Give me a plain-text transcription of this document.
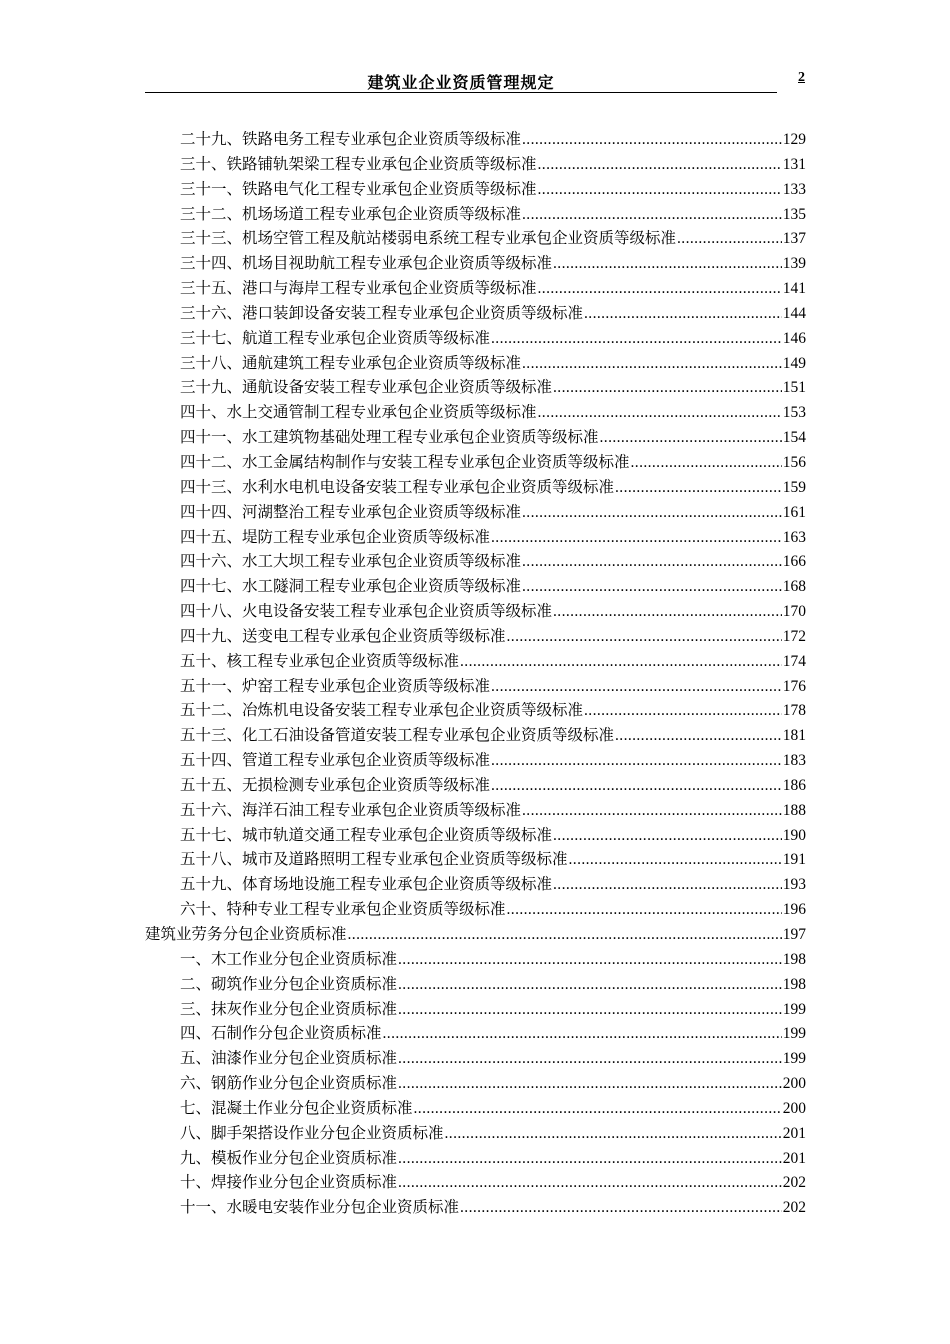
建筑业企业资质管理规定	2
二十九、铁路电务工程专业承包企业资质等级标准 .....	129
三十、铁路铺轨架梁工程专业承包企业资质等级标准 .....	131
三十一、铁路电气化工程专业承包企业资质等级标准 .....	133
三十二、机场场道工程专业承包企业资质等级标准 .....	135
三十三、机场空管工程及航站楼弱电系统工程专业承包企业资质等级标准 .....	137
三十四、机场目视助航工程专业承包企业资质等级标准 .....	139
三十五、港口与海岸工程专业承包企业资质等级标准 .....	141
三十六、港口装卸设备安装工程专业承包企业资质等级标准 .....	144
三十七、航道工程专业承包企业资质等级标准 .....	146
三十八、通航建筑工程专业承包企业资质等级标准 .....	149
三十九、通航设备安装工程专业承包企业资质等级标准 .....	151
四十、水上交通管制工程专业承包企业资质等级标准 .....	153
四十一、水工建筑物基础处理工程专业承包企业资质等级标准 .....	154
四十二、水工金属结构制作与安装工程专业承包企业资质等级标准 .....	156
四十三、水利水电机电设备安装工程专业承包企业资质等级标准 .....	159
四十四、河湖整治工程专业承包企业资质等级标准 .....	161
四十五、堤防工程专业承包企业资质等级标准 .....	163
四十六、水工大坝工程专业承包企业资质等级标准 .....	166
四十七、水工隧洞工程专业承包企业资质等级标准 .....	168
四十八、火电设备安装工程专业承包企业资质等级标准 .....	170
四十九、送变电工程专业承包企业资质等级标准 .....	172
五十、核工程专业承包企业资质等级标准 .....	174
五十一、炉窑工程专业承包企业资质等级标准 .....	176
五十二、冶炼机电设备安装工程专业承包企业资质等级标准 .....	178
五十三、化工石油设备管道安装工程专业承包企业资质等级标准 .....	181
五十四、管道工程专业承包企业资质等级标准 .....	183
五十五、无损检测专业承包企业资质等级标准 .....	186
五十六、海洋石油工程专业承包企业资质等级标准 .....	188
五十七、城市轨道交通工程专业承包企业资质等级标准 .....	190
五十八、城市及道路照明工程专业承包企业资质等级标准 .....	191
五十九、体育场地设施工程专业承包企业资质等级标准 .....	193
六十、特种专业工程专业承包企业资质等级标准 .....	196
建筑业劳务分包企业资质标准 .....	197
一、木工作业分包企业资质标准 .....	198
二、砌筑作业分包企业资质标准 .....	198
三、抹灰作业分包企业资质标准 .....	199
四、石制作分包企业资质标准 .....	199
五、油漆作业分包企业资质标准 .....	199
六、钢筋作业分包企业资质标准 .....	200
七、混凝土作业分包企业资质标准 .....	200
八、脚手架搭设作业分包企业资质标准 .....	201
九、模板作业分包企业资质标准 .....	201
十、焊接作业分包企业资质标准 .....	202
十一、水暖电安装作业分包企业资质标准 .....	202
